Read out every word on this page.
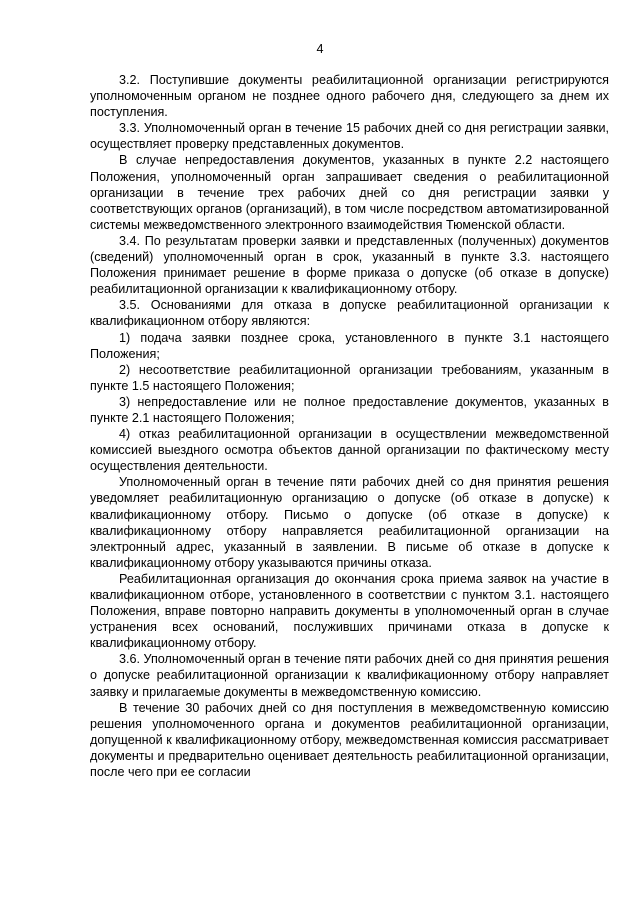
4

3.2. Поступившие документы реабилитационной организации регистрируются уполномоченным органом не позднее одного рабочего дня, следующего за днем их поступления.

3.3. Уполномоченный орган в течение 15 рабочих дней со дня регистрации заявки, осуществляет проверку представленных документов.

В случае непредоставления документов, указанных в пункте 2.2 настоящего Положения, уполномоченный орган запрашивает сведения о реабилитационной организации в течение трех рабочих дней со дня регистрации заявки у соответствующих органов (организаций), в том числе посредством автоматизированной системы межведомственного электронного взаимодействия Тюменской области.

3.4. По результатам проверки заявки и представленных (полученных) документов (сведений) уполномоченный орган в срок, указанный в пункте 3.3. настоящего Положения принимает решение в форме приказа о допуске (об отказе в допуске) реабилитационной организации к квалификационному отбору.

3.5. Основаниями для отказа в допуске реабилитационной организации к квалификационном отбору являются:

1) подача заявки позднее срока, установленного в пункте 3.1 настоящего Положения;

2) несоответствие реабилитационной организации требованиям, указанным в пункте 1.5 настоящего Положения;

3) непредоставление или не полное предоставление документов, указанных в пункте 2.1 настоящего Положения;

4) отказ реабилитационной организации в осуществлении межведомственной комиссией выездного осмотра объектов данной организации по фактическому месту осуществления деятельности.

Уполномоченный орган в течение пяти рабочих дней со дня принятия решения уведомляет реабилитационную организацию о допуске (об отказе в допуске) к квалификационному отбору. Письмо о допуске (об отказе в допуске) к квалификационному отбору направляется реабилитационной организации на электронный адрес, указанный в заявлении. В письме об отказе в допуске к квалификационному отбору указываются причины отказа.

Реабилитационная организация до окончания срока приема заявок на участие в квалификационном отборе, установленного в соответствии с пунктом 3.1. настоящего Положения, вправе повторно направить документы в уполномоченный орган в случае устранения всех оснований, послуживших причинами отказа в допуске к квалификационному отбору.

3.6. Уполномоченный орган в течение пяти рабочих дней со дня принятия решения о допуске реабилитационной организации к квалификационному отбору направляет заявку и прилагаемые документы в межведомственную комиссию.

В течение 30 рабочих дней со дня поступления в межведомственную комиссию решения уполномоченного органа и документов реабилитационной организации, допущенной к квалификационному отбору, межведомственная комиссия рассматривает документы и предварительно оценивает деятельность реабилитационной организации, после чего при ее согласии
